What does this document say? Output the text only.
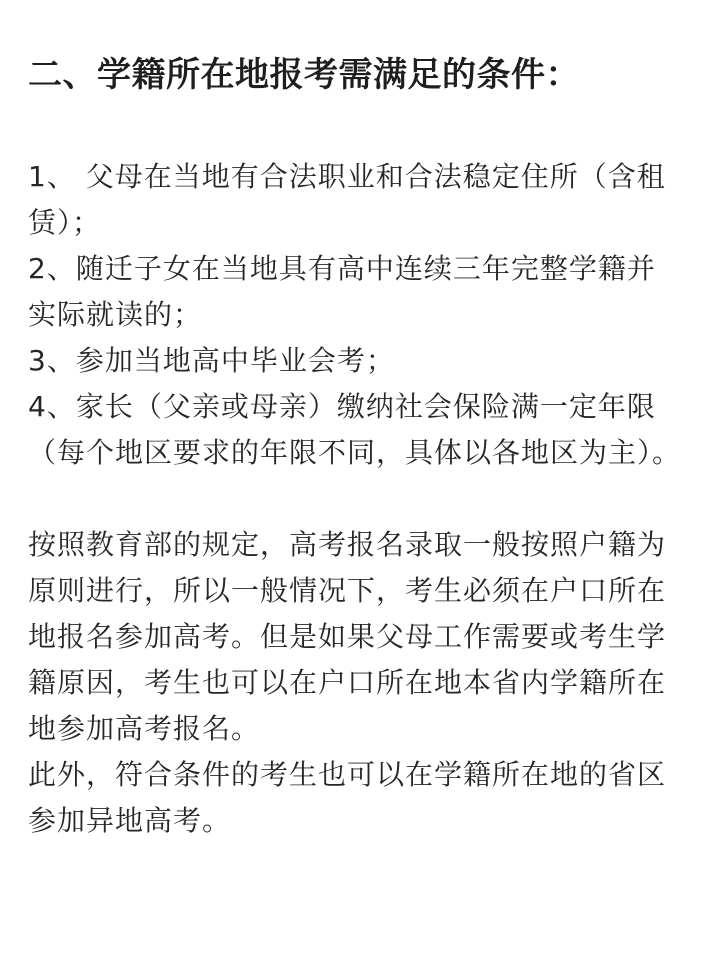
二、学籍所在地报考需满足的条件：
1、 父母在当地有合法职业和合法稳定住所（含租赁）；
2、随迁子女在当地具有高中连续三年完整学籍并实际就读的；
3、参加当地高中毕业会考；
4、家长（父亲或母亲）缴纳社会保险满一定年限（每个地区要求的年限不同，具体以各地区为主）。

按照教育部的规定，高考报名录取一般按照户籍为原则进行，所以一般情况下，考生必须在户口所在地报名参加高考。但是如果父母工作需要或考生学籍原因，考生也可以在户口所在地本省内学籍所在地参加高考报名。

此外，符合条件的考生也可以在学籍所在地的省区参加异地高考。
